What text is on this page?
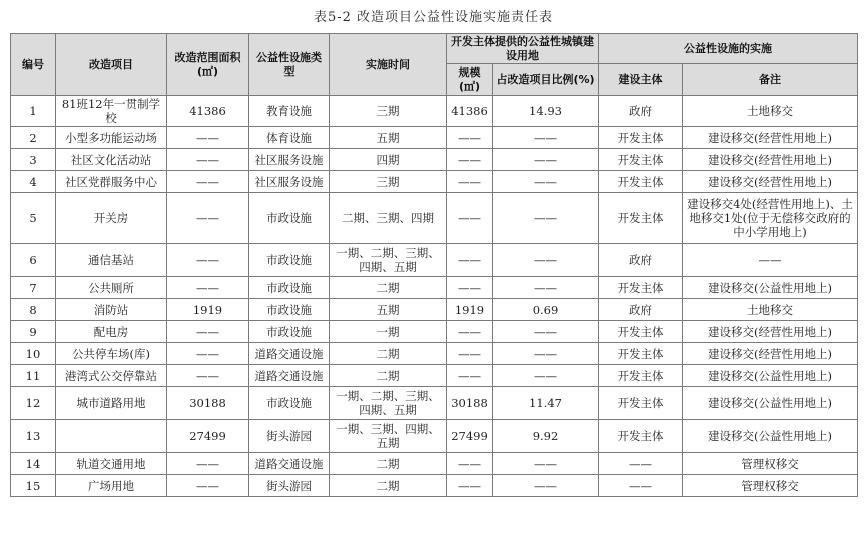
表5-2 改造项目公益性设施实施责任表
编号	改造项目	改造范围面积(㎡)	公益性设施类型	实施时间	开发主体提供的公益性城镇建设用地		公益性设施的实施	
					规模(㎡)	占改造项目比例(%)	建设主体	备注
1	81班12年一贯制学校	41386	教育设施	三期	41386	14.93	政府	土地移交
2	小型多功能运动场	——	体育设施	五期	——	——	开发主体	建设移交(经营性用地上)
3	社区文化活动站	——	社区服务设施	四期	——	——	开发主体	建设移交(经营性用地上)
4	社区党群服务中心	——	社区服务设施	三期	——	——	开发主体	建设移交(经营性用地上)
5	开关房	——	市政设施	二期、三期、四期	——	——	开发主体	建设移交4处(经营性用地上)、土地移交1处(位于无偿移交政府的中小学用地上)
6	通信基站	——	市政设施	一期、二期、三期、四期、五期	——	——	政府	——
7	公共厕所	——	市政设施	二期	——	——	开发主体	建设移交(公益性用地上)
8	消防站	1919	市政设施	五期	1919	0.69	政府	土地移交
9	配电房	——	市政设施	一期	——	——	开发主体	建设移交(经营性用地上)
10	公共停车场(库)	——	道路交通设施	二期	——	——	开发主体	建设移交(经营性用地上)
11	港湾式公交停靠站	——	道路交通设施	二期	——	——	开发主体	建设移交(公益性用地上)
12	城市道路用地	30188	市政设施	一期、二期、三期、四期、五期	30188	11.47	开发主体	建设移交(公益性用地上)
13		27499	街头游园	一期、三期、四期、五期	27499	9.92	开发主体	建设移交(公益性用地上)
14	轨道交通用地	——	道路交通设施	二期	——	——	——	管理权移交
15	广场用地	——	街头游园	二期	——	——	——	管理权移交
